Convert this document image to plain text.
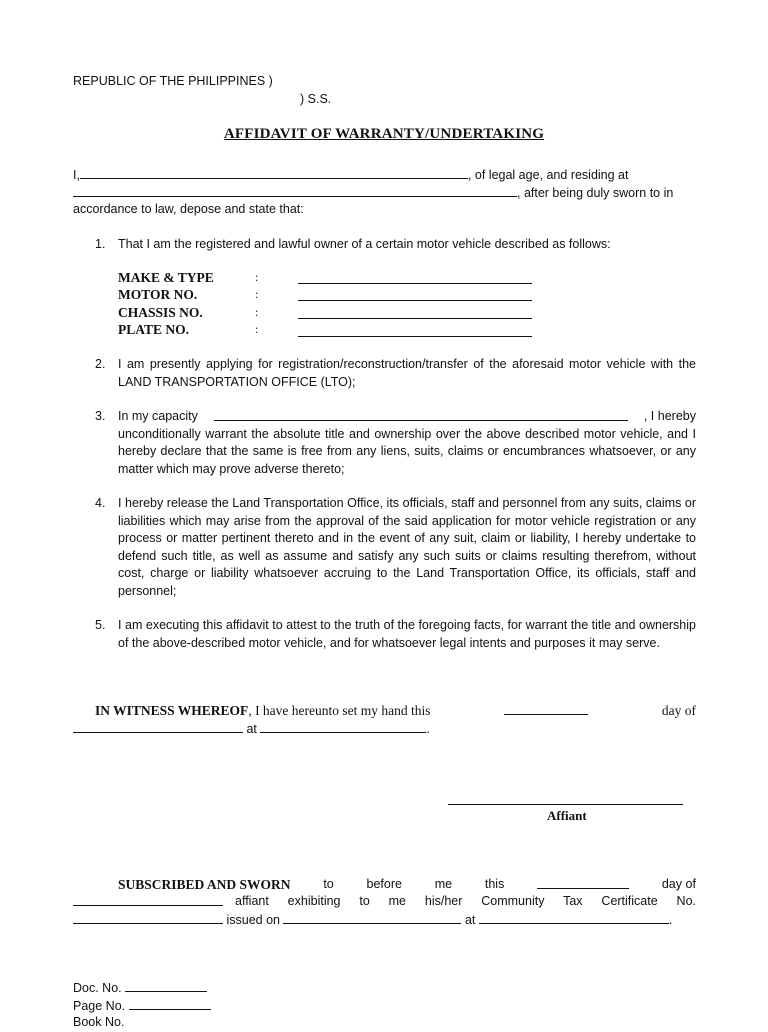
REPUBLIC OF THE PHILIPPINES )
) S.S.
AFFIDAVIT OF WARRANTY/UNDERTAKING
I,	, of legal age, and residing at
, after being duly sworn to in
accordance to law, depose and state that:
1. That I am the registered and lawful owner of a certain motor vehicle described as follows:
MAKE & TYPE	:
MOTOR NO.	:
CHASSIS NO.	:
PLATE NO.	:
2. I am presently applying for registration/reconstruction/transfer of the aforesaid motor vehicle with the LAND TRANSPORTATION OFFICE (LTO);
3. In my capacity	, I hereby
unconditionally warrant the absolute title and ownership over the above described motor vehicle, and I hereby declare that the same is free from any liens, suits, claims or encumbrances whatsoever, or any matter which may prove adverse thereto;
4. I hereby release the Land Transportation Office, its officials, staff and personnel from any suits, claims or liabilities which may arise from the approval of the said application for motor vehicle registration or any process or matter pertinent thereto and in the event of any suit, claim or liability, I hereby undertake to defend such title, as well as assume and satisfy any such suits or claims resulting therefrom, without cost, charge or liability whatsoever accruing to the Land Transportation Office, its officials, staff and personnel;
5. I am executing this affidavit to attest to the truth of the foregoing facts, for warrant the title and ownership of the above-described motor vehicle, and for whatsoever legal intents and purposes it may serve.
IN WITNESS WHEREOF, I have hereunto set my hand this	day of
at	.
Affiant
SUBSCRIBED AND SWORN	to	before	me	this	day of
affiant exhibiting to me his/her Community Tax Certificate No.
issued on	at	.
Doc. No.
Page No.
Book No.
